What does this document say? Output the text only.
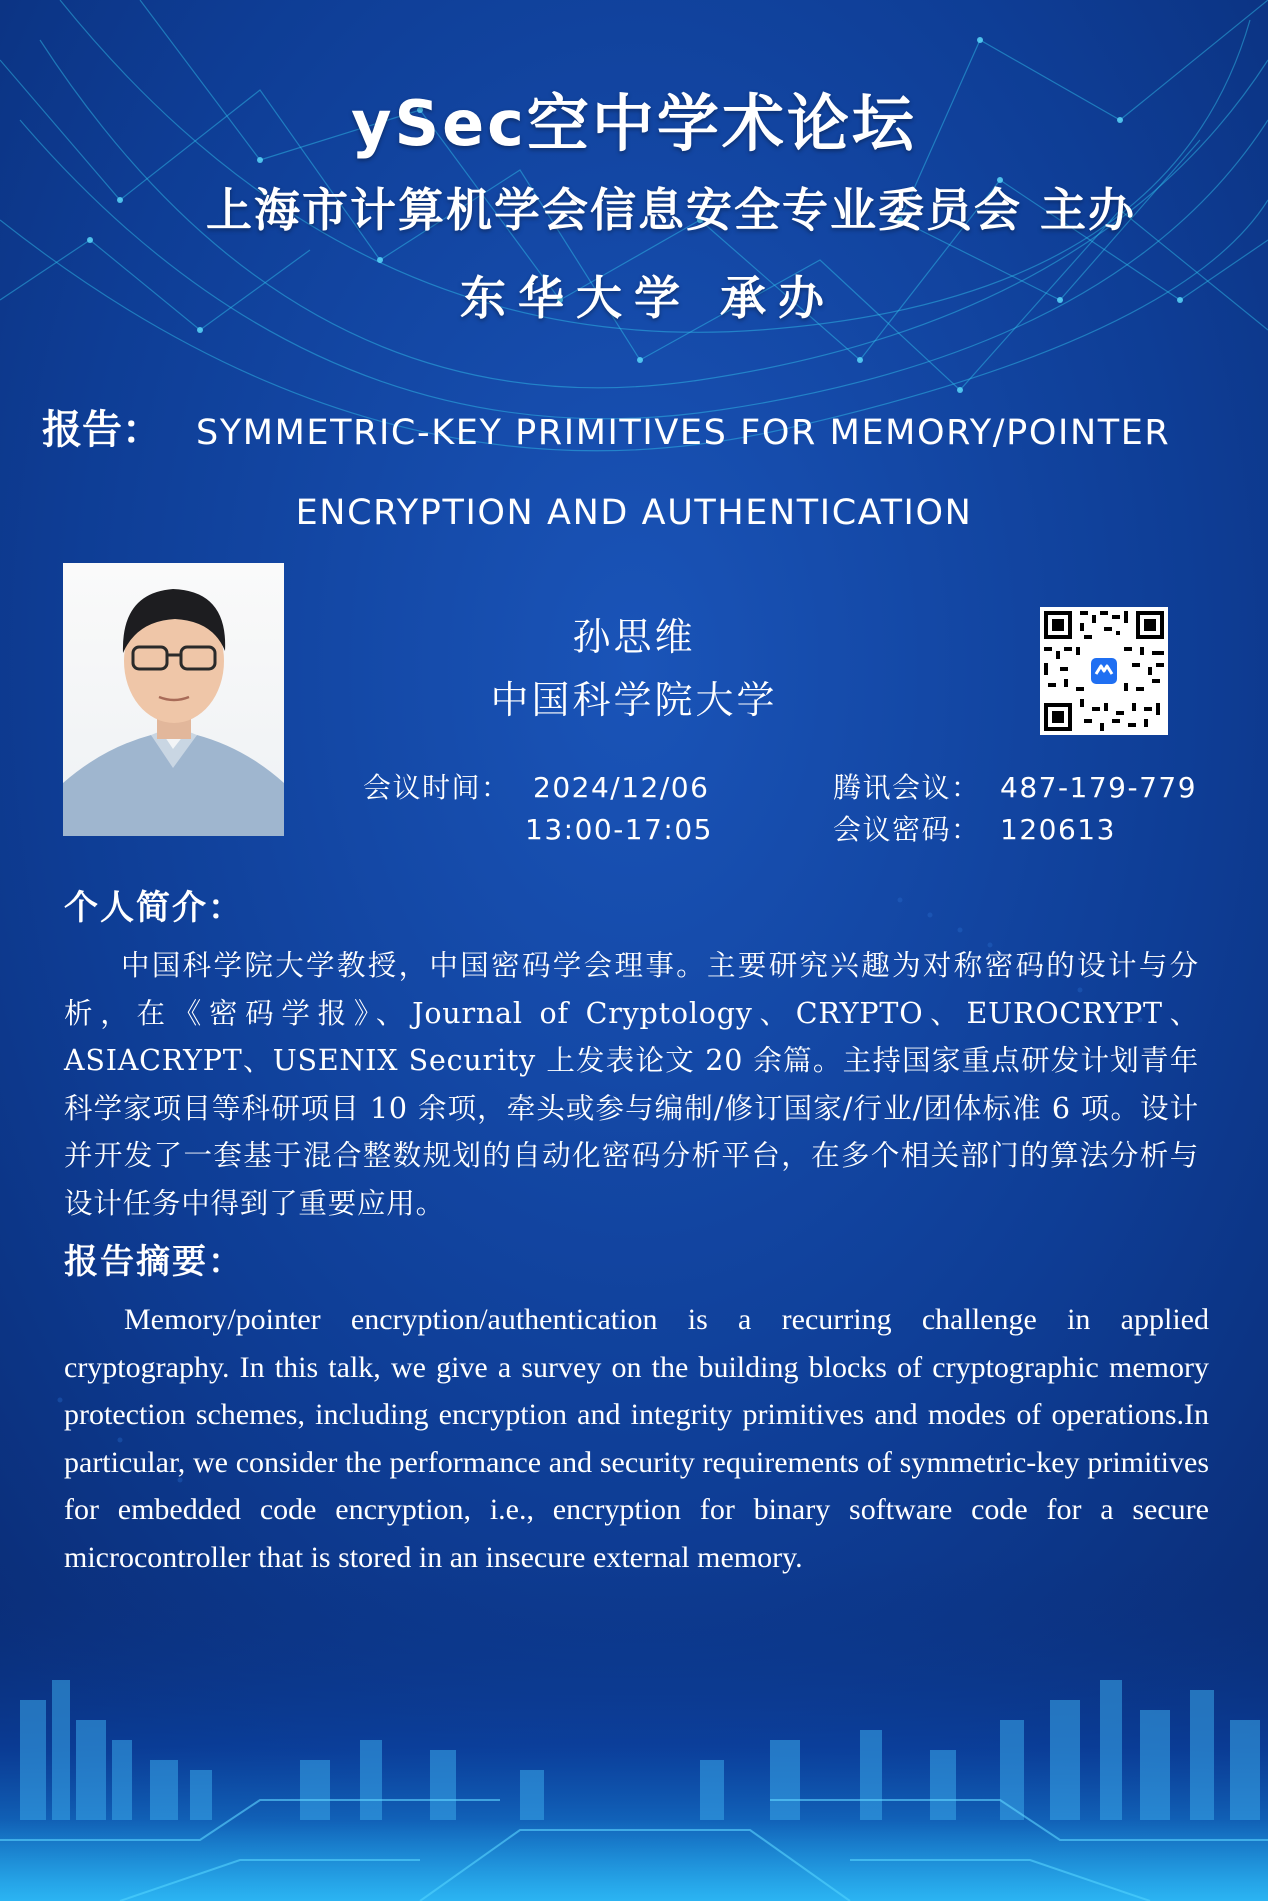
ySec空中学术论坛
上海市计算机学会信息安全专业委员会 主办
东华大学 承办
报告： SYMMETRIC-KEY PRIMITIVES FOR MEMORY/POINTER
ENCRYPTION AND AUTHENTICATION
孙思维
中国科学院大学
会议时间： 2024/12/06
13:00-17:05
腾讯会议： 487-179-779
会议密码： 120613
个人简介：
中国科学院大学教授，中国密码学会理事。主要研究兴趣为对称密码的设计与分析，在《密码学报》、Journal of Cryptology、CRYPTO、EUROCRYPT、ASIACRYPT、USENIX Security 上发表论文 20 余篇。主持国家重点研发计划青年科学家项目等科研项目 10 余项，牵头或参与编制/修订国家/行业/团体标准 6 项。设计并开发了一套基于混合整数规划的自动化密码分析平台，在多个相关部门的算法分析与设计任务中得到了重要应用。
报告摘要：
Memory/pointer encryption/authentication is a recurring challenge in applied cryptography. In this talk, we give a survey on the building blocks of cryptographic memory protection schemes, including encryption and integrity primitives and modes of operations.In particular, we consider the performance and security requirements of symmetric-key primitives for embedded code encryption, i.e., encryption for binary software code for a secure microcontroller that is stored in an insecure external memory.
